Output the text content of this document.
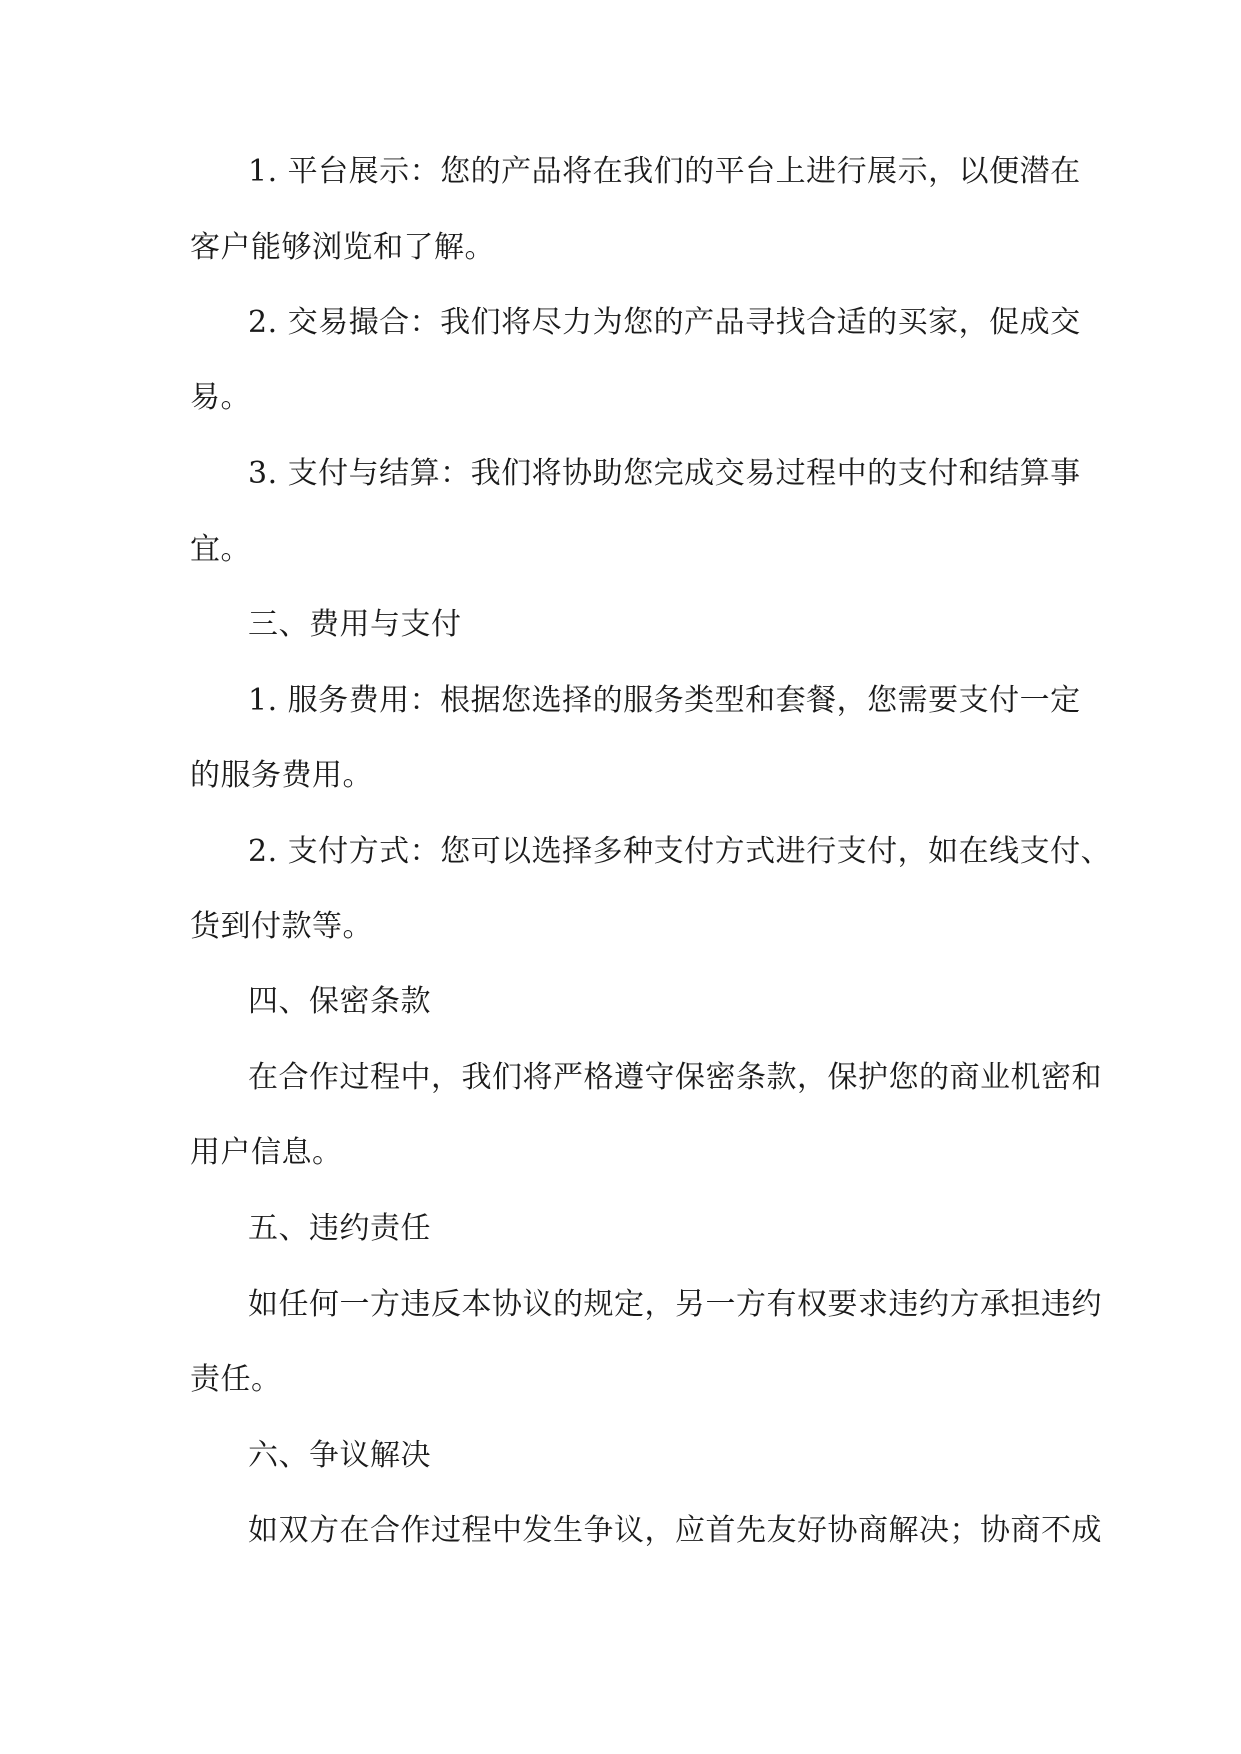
1. 平台展示：您的产品将在我们的平台上进行展示，以便潜在
客户能够浏览和了解。
2. 交易撮合：我们将尽力为您的产品寻找合适的买家，促成交
易。
3. 支付与结算：我们将协助您完成交易过程中的支付和结算事
宜。
三、费用与支付
1. 服务费用：根据您选择的服务类型和套餐，您需要支付一定
的服务费用。
2. 支付方式：您可以选择多种支付方式进行支付，如在线支付、
货到付款等。
四、保密条款
在合作过程中，我们将严格遵守保密条款，保护您的商业机密和
用户信息。
五、违约责任
如任何一方违反本协议的规定，另一方有权要求违约方承担违约
责任。
六、争议解决
如双方在合作过程中发生争议，应首先友好协商解决；协商不成
